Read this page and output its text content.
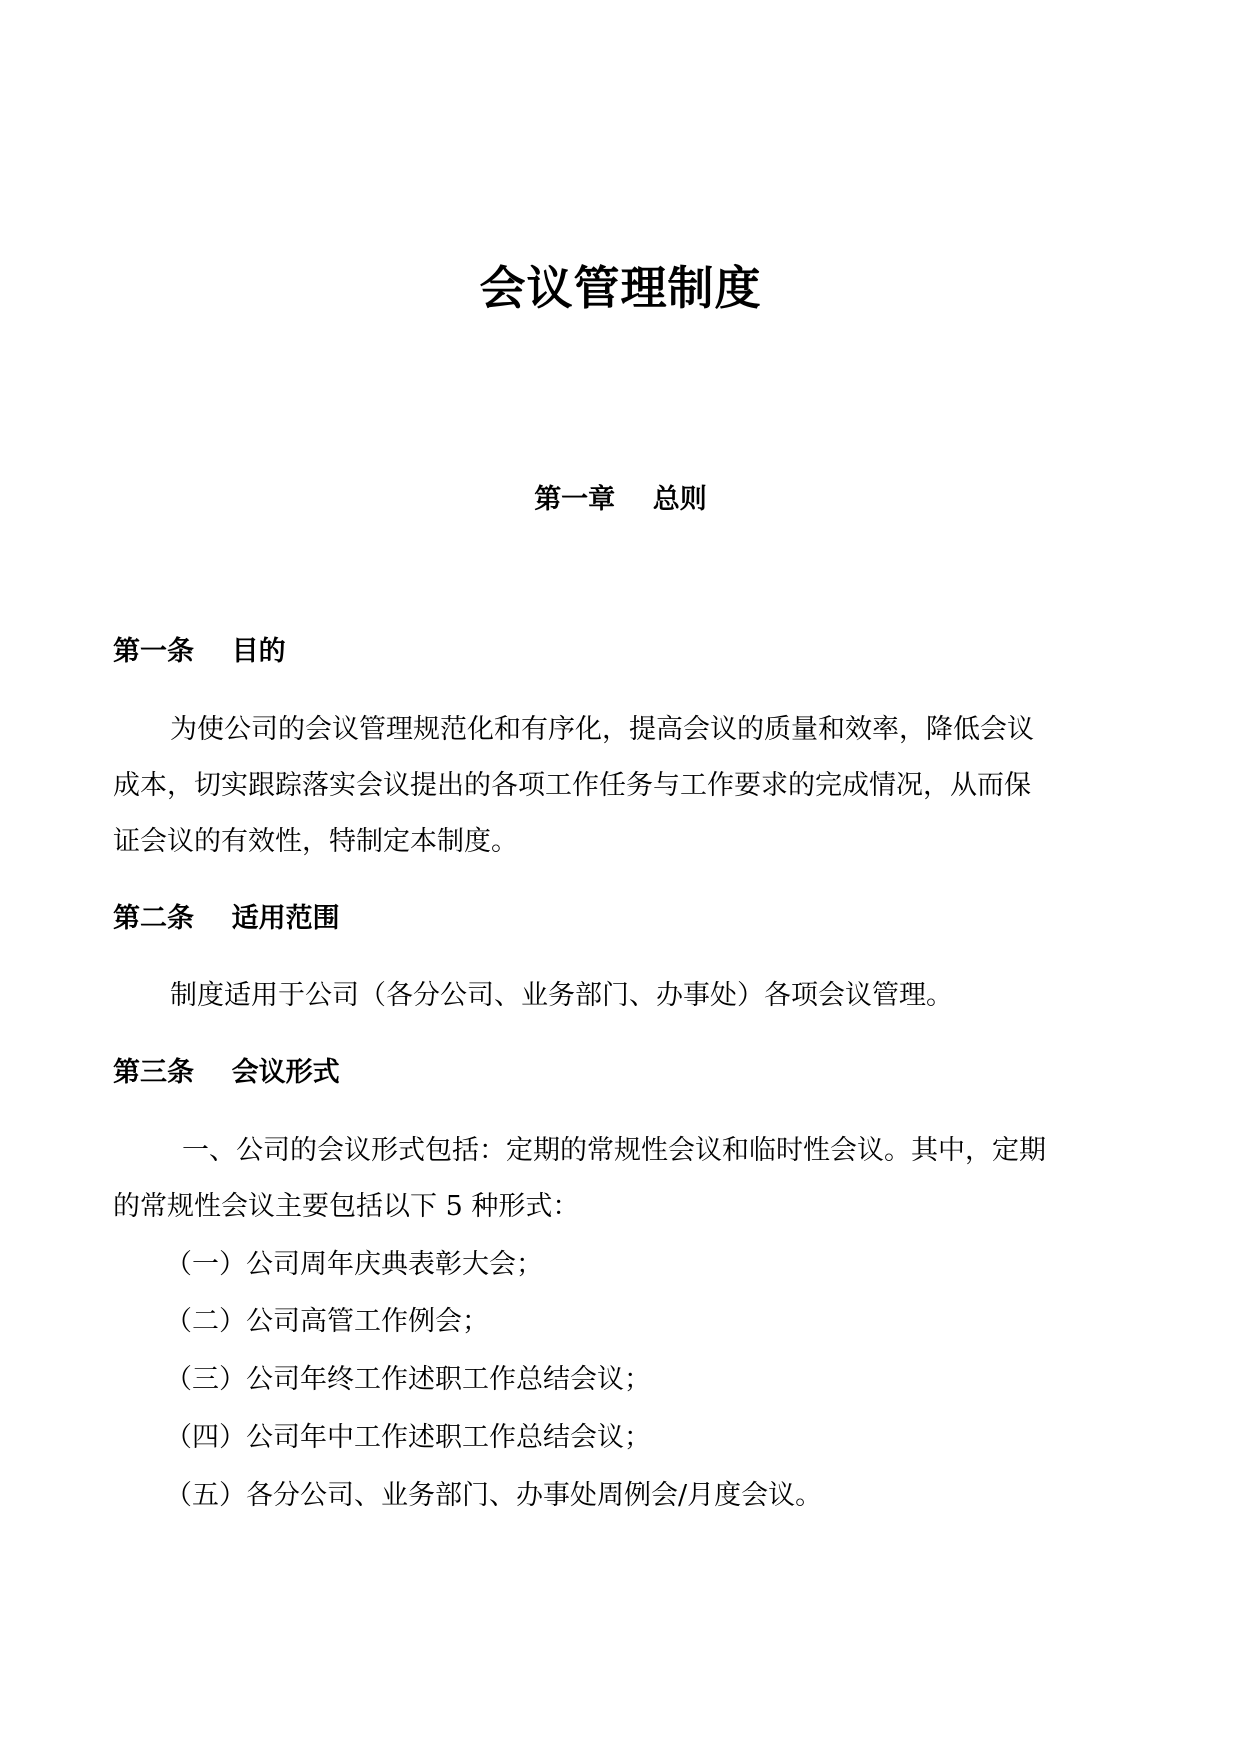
会议管理制度
第一章    总则
第一条    目的

为使公司的会议管理规范化和有序化，提高会议的质量和效率，降低会议

成本，切实跟踪落实会议提出的各项工作任务与工作要求的完成情况，从而保

证会议的有效性，特制定本制度。

第二条    适用范围

制度适用于公司（各分公司、业务部门、办事处）各项会议管理。

第三条    会议形式

一、公司的会议形式包括：定期的常规性会议和临时性会议。其中，定期

的常规性会议主要包括以下 5 种形式：

（一）公司周年庆典表彰大会；

（二）公司高管工作例会；

（三）公司年终工作述职工作总结会议；

（四）公司年中工作述职工作总结会议；

（五）各分公司、业务部门、办事处周例会/月度会议。
